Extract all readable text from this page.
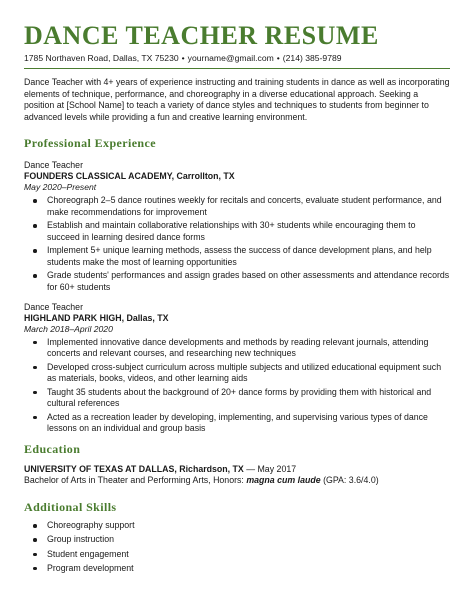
DANCE TEACHER RESUME
1785 Northaven Road, Dallas, TX 75230 • yourname@gmail.com • (214) 385-9789

Dance Teacher with 4+ years of experience instructing and training students in dance as well as incorporating elements of technique, performance, and choreography in a diverse educational approach. Seeking a position at [School Name] to teach a variety of dance styles and techniques to students from beginner to advanced levels while providing a fun and creative learning environment.

Professional Experience
Dance Teacher
FOUNDERS CLASSICAL ACADEMY, Carrollton, TX
May 2020–Present
Choreograph 2–5 dance routines weekly for recitals and concerts, evaluate student performance, and make recommendations for improvement
Establish and maintain collaborative relationships with 30+ students while encouraging them to succeed in learning desired dance forms
Implement 5+ unique learning methods, assess the success of dance development plans, and help students make the most of learning opportunities
Grade students' performances and assign grades based on other assessments and attendance records for 60+ students
Dance Teacher
HIGHLAND PARK HIGH, Dallas, TX
March 2018–April 2020
Implemented innovative dance developments and methods by reading relevant journals, attending concerts and relevant courses, and researching new techniques
Developed cross-subject curriculum across multiple subjects and utilized educational equipment such as materials, books, videos, and other learning aids
Taught 35 students about the background of 20+ dance forms by providing them with historical and cultural references
Acted as a recreation leader by developing, implementing, and supervising various types of dance lessons on an individual and group basis
Education
UNIVERSITY OF TEXAS AT DALLAS, Richardson, TX — May 2017
Bachelor of Arts in Theater and Performing Arts, Honors: magna cum laude (GPA: 3.6/4.0)
Additional Skills
Choreography support
Group instruction
Student engagement
Program development
